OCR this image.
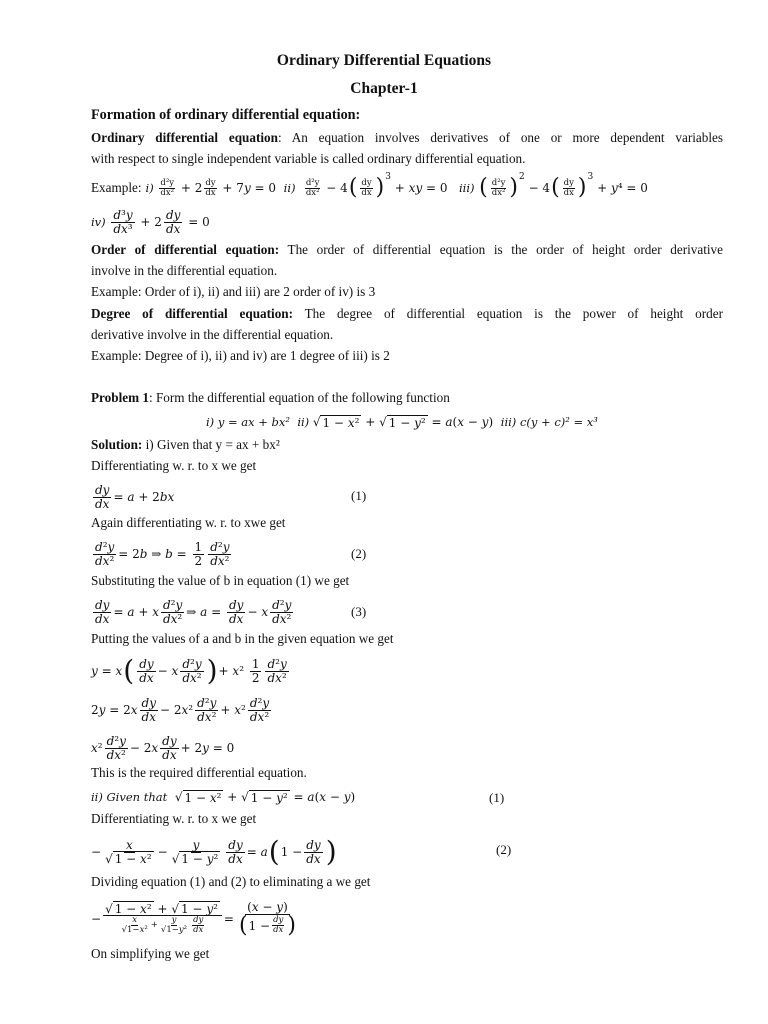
Ordinary Differential Equations
Chapter-1
Formation of ordinary differential equation:
Ordinary differential equation: An equation involves derivatives of one or more dependent variables
with respect to single independent variable is called ordinary differential equation.
Example: $i) \frac{\text{d²y}}{\text{dx²}} + 2 \frac{dy}{dx} + 7y = 0$ $ii) \frac{\text{d²y}}{\text{dx²}} - 4$ ( $\frac{dy}{dx} )^3$
+ xy = 0 iii) ( $\frac{\text{d²y}}{\text{dx²}} )^2$
− 4 ( $\frac{dy}{dx} )^3$
+ y⁴ = 0
iv)
d³y
$dx^3 + 2 \frac{dy}{dx} = 0$
Order of differential equation: The order of differential equation is the order of height order derivative
involve in the differential equation.
Example: Order of i), ii) and iii) are 2 order of iv) is 3
Degree of differential equation: The degree of differential equation is the power of height order
derivative involve in the differential equation.
Example: Degree of i), ii) and iv) are 1 degree of iii) is 2
Problem 1: Form the differential equation of the following function
i) y = ax + bx²  ii) √ 1 − x² + √ 1 − y² = a(x − y) iii) c(y + c)² = x³
Solution: i) Given that y = ax + bx²
Differentiating w. r. to x we get
$\frac{dy}{dx} = a + 2bx$	(1)
Again differentiating w. r. to xwe get
$\frac{\text{d²y}}{\text{dx²}} = 2b$ ⇒ $b = \frac{1}{2} d^2y$
dx²	(2)
Substituting the value of b in equation (1) we get
$\frac{dy}{dx} = a + x$
d²y
dx² ⇒ $a = \frac{dy}{dx} - x$
d²y
dx²	(3)
Putting the values of a and b in the given equation we get
y = x ( dy
dx − x
d²y
dx² ) + x²
1
2
d²y
dx²
2y = 2x
dy
dx − 2x²
d²y
dx² + x²
d²y
dx²
x²
d²y
dx² − 2x
dy
dx + 2y = 0
This is the required differential equation.
ii) Given that
√ 1 − x² + √ 1 − y² = a(x − y)	(1)
Differentiating w. r. to x we get
− x
√ 1 − x² − y
√ $1 - y^2 \frac{dy}{dx} = a$ ( $1 - \frac{dy}{dx}$ )	(2)
Dividing equation (1) and (2) to eliminating a we get
−
√ 1 − x² + √ 1 − y²
x
$√1-x^2 + \frac{y}{\text{√1−y²}}$ dy
dx
=
(x − y)
( $1 - \frac{dy}{dx}$ )
On simplifying we get
